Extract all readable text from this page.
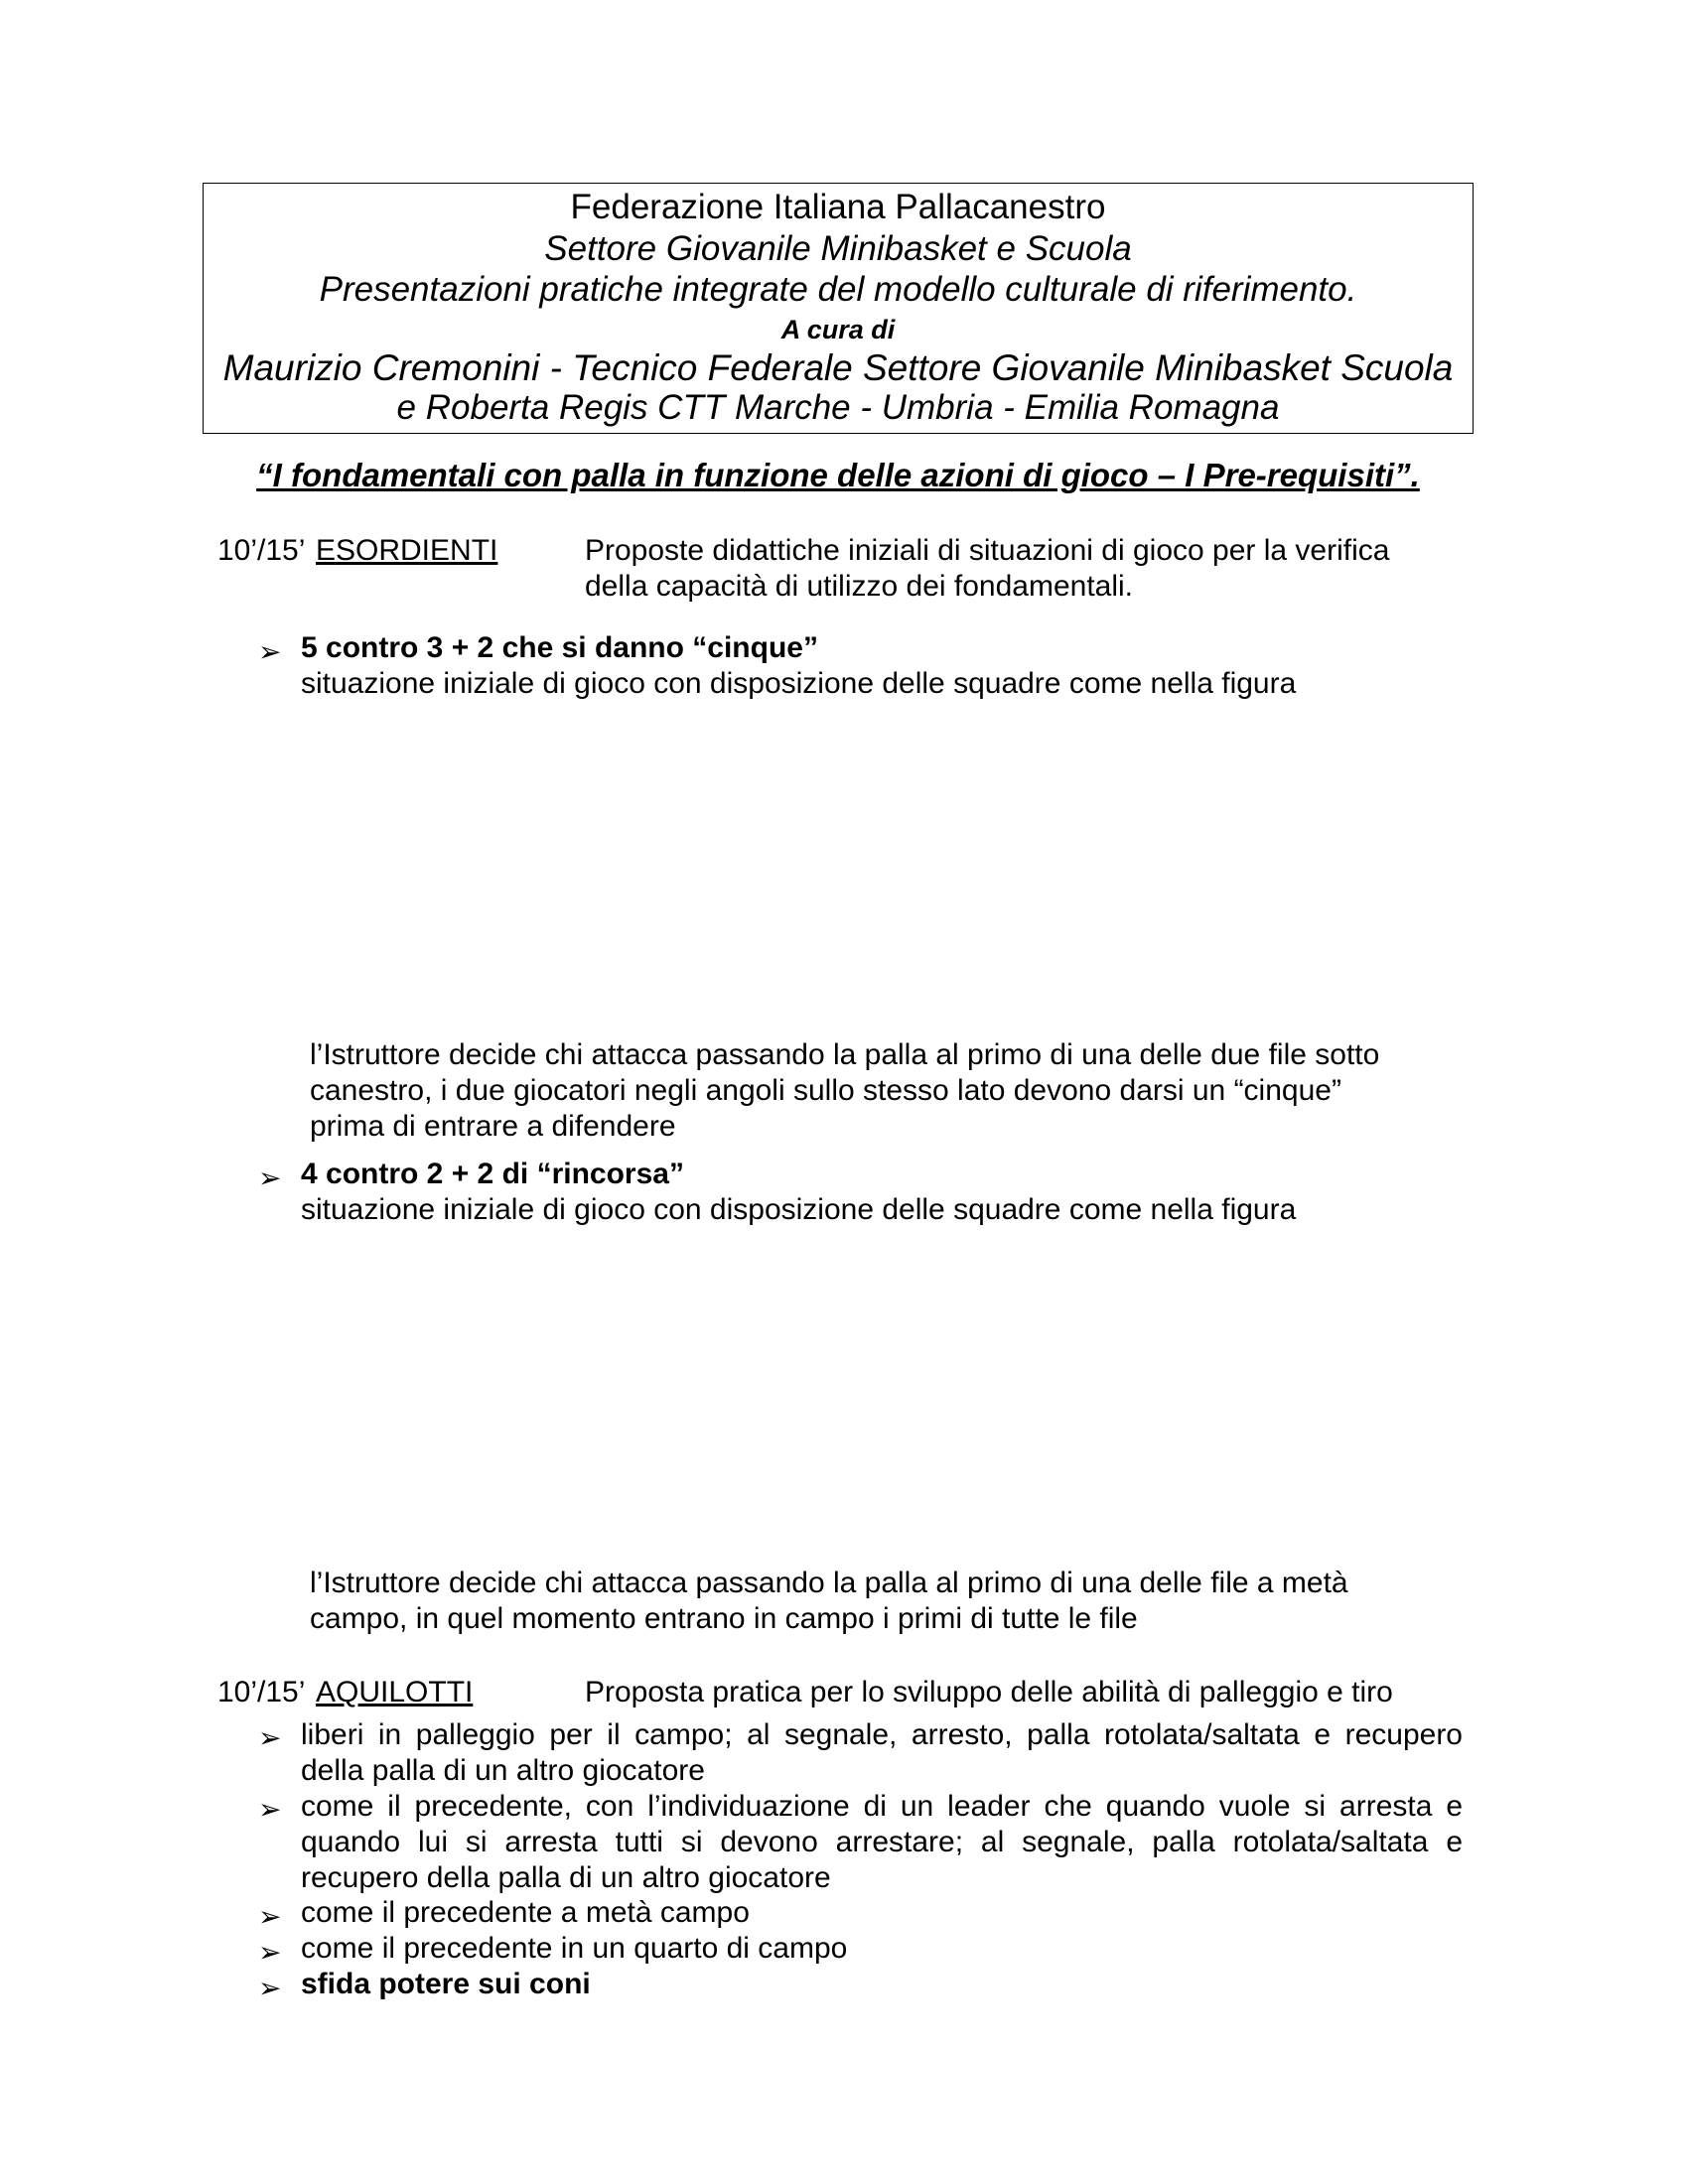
Federazione Italiana Pallacanestro
Settore Giovanile Minibasket e Scuola
Presentazioni pratiche integrate del modello culturale di riferimento.
A cura di
Maurizio Cremonini - Tecnico Federale Settore Giovanile Minibasket Scuola
e Roberta Regis CTT Marche - Umbria - Emilia Romagna
“I fondamentali con palla in funzione delle azioni di gioco – I Pre-requisiti”.
10’/15’ ESORDIENTI	Proposte didattiche iniziali di situazioni di gioco per la verifica
della capacità di utilizzo dei fondamentali.
➢ 5 contro 3 + 2 che si danno “cinque”
situazione iniziale di gioco con disposizione delle squadre come nella figura
l’Istruttore decide chi attacca passando la palla al primo di una delle due file sotto
canestro, i due giocatori negli angoli sullo stesso lato devono darsi un “cinque”
prima di entrare a difendere
➢ 4 contro 2 + 2 di “rincorsa”
situazione iniziale di gioco con disposizione delle squadre come nella figura
l’Istruttore decide chi attacca passando la palla al primo di una delle file a metà
campo, in quel momento entrano in campo i primi di tutte le file
10’/15’ AQUILOTTI	Proposta pratica per lo sviluppo delle abilità di palleggio e tiro
➢ liberi in palleggio per il campo; al segnale, arresto, palla rotolata/saltata e recupero
della palla di un altro giocatore
➢ come il precedente, con l’individuazione di un leader che quando vuole si arresta e
quando lui si arresta tutti si devono arrestare; al segnale, palla rotolata/saltata e
recupero della palla di un altro giocatore
➢ come il precedente a metà campo
➢ come il precedente in un quarto di campo
➢ sfida potere sui coni
